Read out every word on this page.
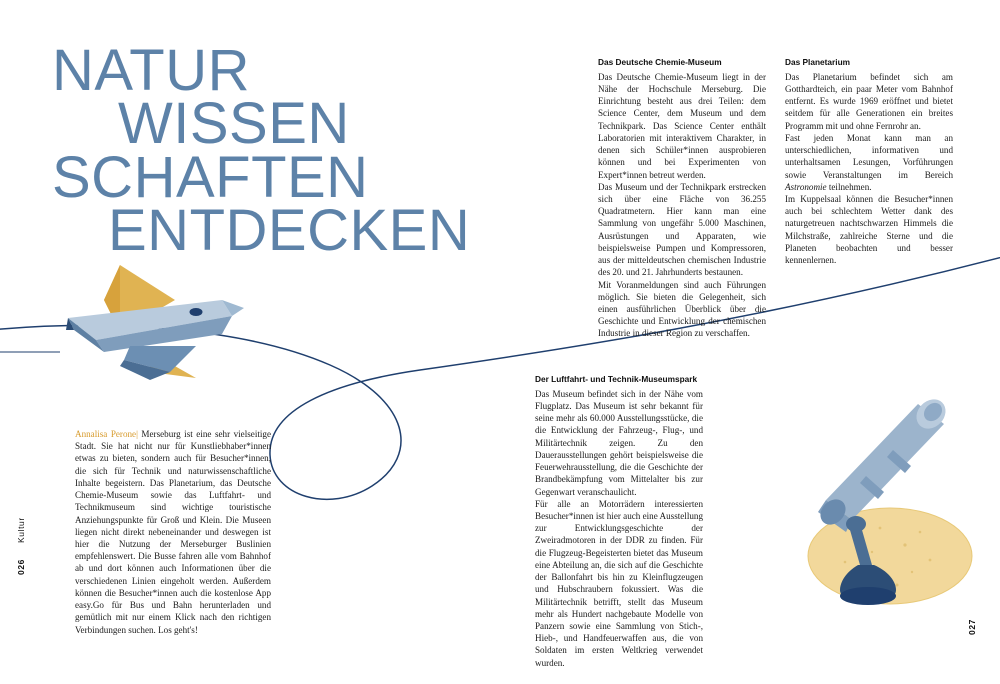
NATUR
WISSEN
SCHAFTEN
ENTDECKEN

Annalisa Perone| Merseburg ist eine sehr vielseitige Stadt. Sie hat nicht nur für Kunstliebhaber*innen etwas zu bieten, sondern auch für Besucher*innen, die sich für Technik und naturwissenschaftliche Inhalte begeistern. Das Planetarium, das Deutsche Chemie-Museum sowie das Luftfahrt- und Technikmuseum sind wichtige touristische Anziehungspunkte für Groß und Klein. Die Museen liegen nicht direkt nebeneinander und deswegen ist hier die Nutzung der Merseburger Buslinien empfehlenswert. Die Busse fahren alle vom Bahnhof ab und dort können auch Informationen über die verschiedenen Linien eingeholt werden. Außerdem können die Besucher*innen auch die kostenlose App easy.Go für Bus und Bahn herunterladen und gemütlich mit nur einem Klick nach den richtigen Verbindungen suchen. Los geht's!

Das Deutsche Chemie-Museum

Das Deutsche Chemie-Museum liegt in der Nähe der Hochschule Merseburg. Die Einrichtung besteht aus drei Teilen: dem Science Center, dem Museum und dem Technikpark. Das Science Center enthält Laboratorien mit interaktivem Charakter, in denen sich Schüler*innen ausprobieren können und bei Experimenten von Expert*innen betreut werden.

Das Museum und der Technikpark erstrecken sich über eine Fläche von 36.255 Quadratmetern. Hier kann man eine Sammlung von ungefähr 5.000 Maschinen, Ausrüstungen und Apparaten, wie beispielsweise Pumpen und Kompressoren, aus der mitteldeutschen chemischen Industrie des 20. und 21. Jahrhunderts bestaunen.

Mit Voranmeldungen sind auch Führungen möglich. Sie bieten die Gelegenheit, sich einen ausführlichen Überblick über die Geschichte und Entwicklung der chemischen Industrie in dieser Region zu verschaffen.

Das Planetarium

Das Planetarium befindet sich am Gotthardteich, ein paar Meter vom Bahnhof entfernt. Es wurde 1969 eröffnet und bietet seitdem für alle Generationen ein breites Programm mit und ohne Fernrohr an.

Fast jeden Monat kann man an unterschiedlichen, informativen und unterhaltsamen Lesungen, Vorführungen sowie Veranstaltungen im Bereich Astronomie teilnehmen.

Im Kuppelsaal können die Besucher*innen auch bei schlechtem Wetter dank des naturgetreuen nachtschwarzen Himmels die Milchstraße, zahlreiche Sterne und die Planeten beobachten und besser kennenlernen.

Der Luftfahrt- und Technik-Museumspark

Das Museum befindet sich in der Nähe vom Flugplatz. Das Museum ist sehr bekannt für seine mehr als 60.000 Ausstellungsstücke, die die Entwicklung der Fahrzeug-, Flug-, und Militärtechnik zeigen. Zu den Dauerausstellungen gehört beispielsweise die Feuerwehrausstellung, die die Geschichte der Brandbekämpfung vom Mittelalter bis zur Gegenwart veranschaulicht.

Für alle an Motorrädern interessierten Besucher*innen ist hier auch eine Ausstellung zur Entwicklungsgeschichte der Zweiradmotoren in der DDR zu finden. Für die Flugzeug-Begeisterten bietet das Museum eine Abteilung an, die sich auf die Geschichte der Ballonfahrt bis hin zu Kleinflugzeugen und Hubschraubern fokussiert. Was die Militärtechnik betrifft, stellt das Museum mehr als Hundert nachgebaute Modelle von Panzern sowie eine Sammlung von Stich-, Hieb-, und Handfeuerwaffen aus, die von Soldaten im ersten Weltkrieg verwendet wurden.

026Kultur
027
